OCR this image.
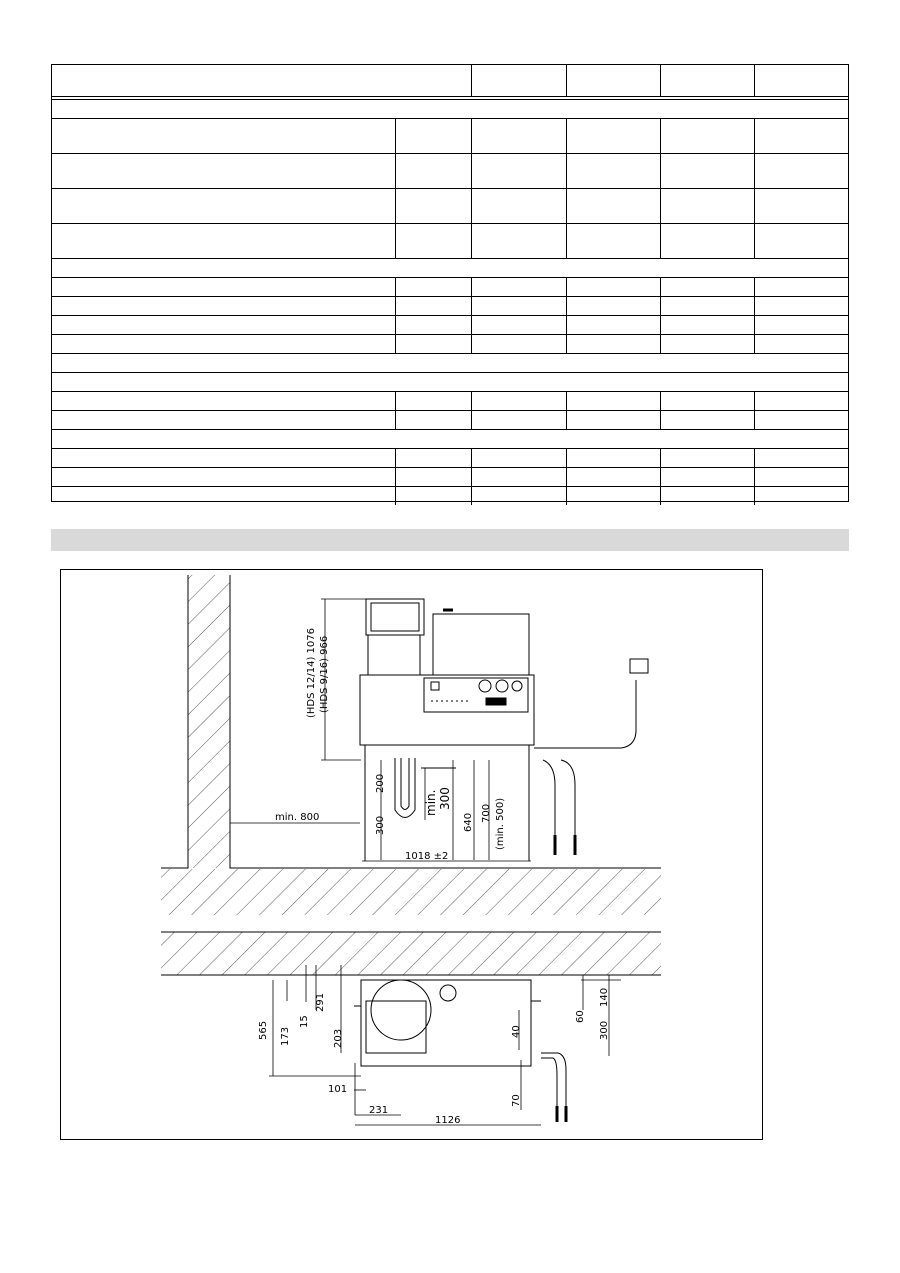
(HDS 12/14) 1076 (HDS 9/16) 966
200
300
min. 300
640 700 (min. 500)
min. 800
1018 ±2
565 173
15
291
203
101
231
1126
40
70
60
140
300
